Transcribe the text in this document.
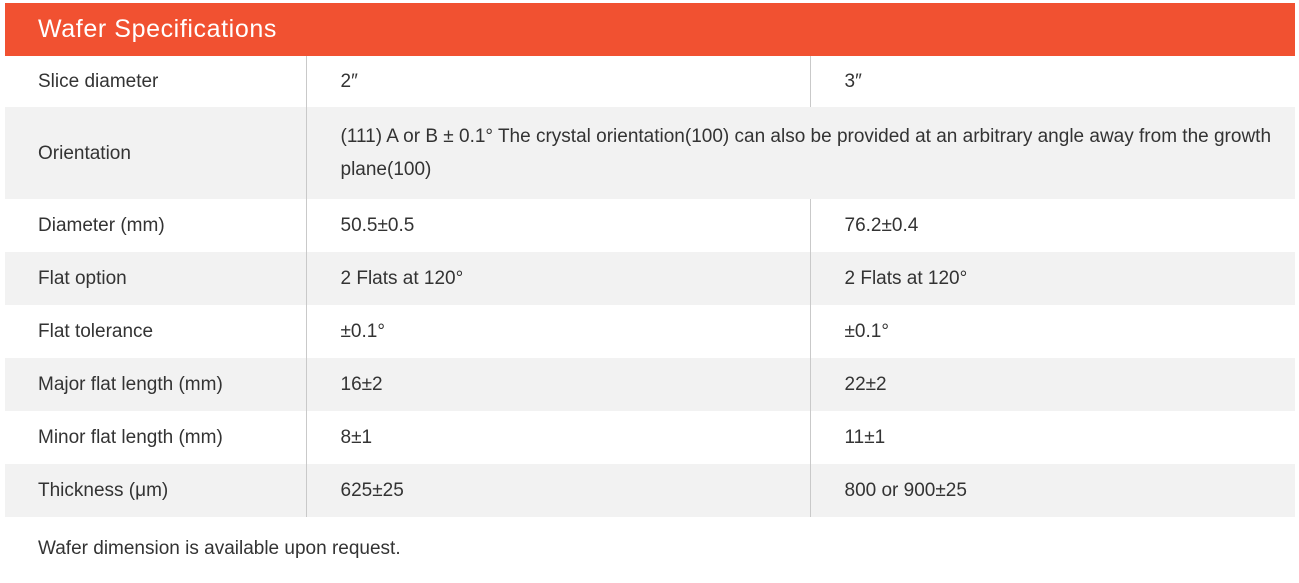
Wafer Specifications
Slice diameter	2″	3″
Orientation	(111) A or B ± 0.1° The crystal orientation(100) can also be provided at an arbitrary angle away from the growth plane(100)	
Diameter (mm)	50.5±0.5	76.2±0.4
Flat option	2 Flats at 120°	2 Flats at 120°
Flat tolerance	±0.1°	±0.1°
Major flat length (mm)	16±2	22±2
Minor flat length (mm)	8±1	11±1
Thickness (μm)	625±25	800 or 900±25
Wafer dimension is available upon request.
